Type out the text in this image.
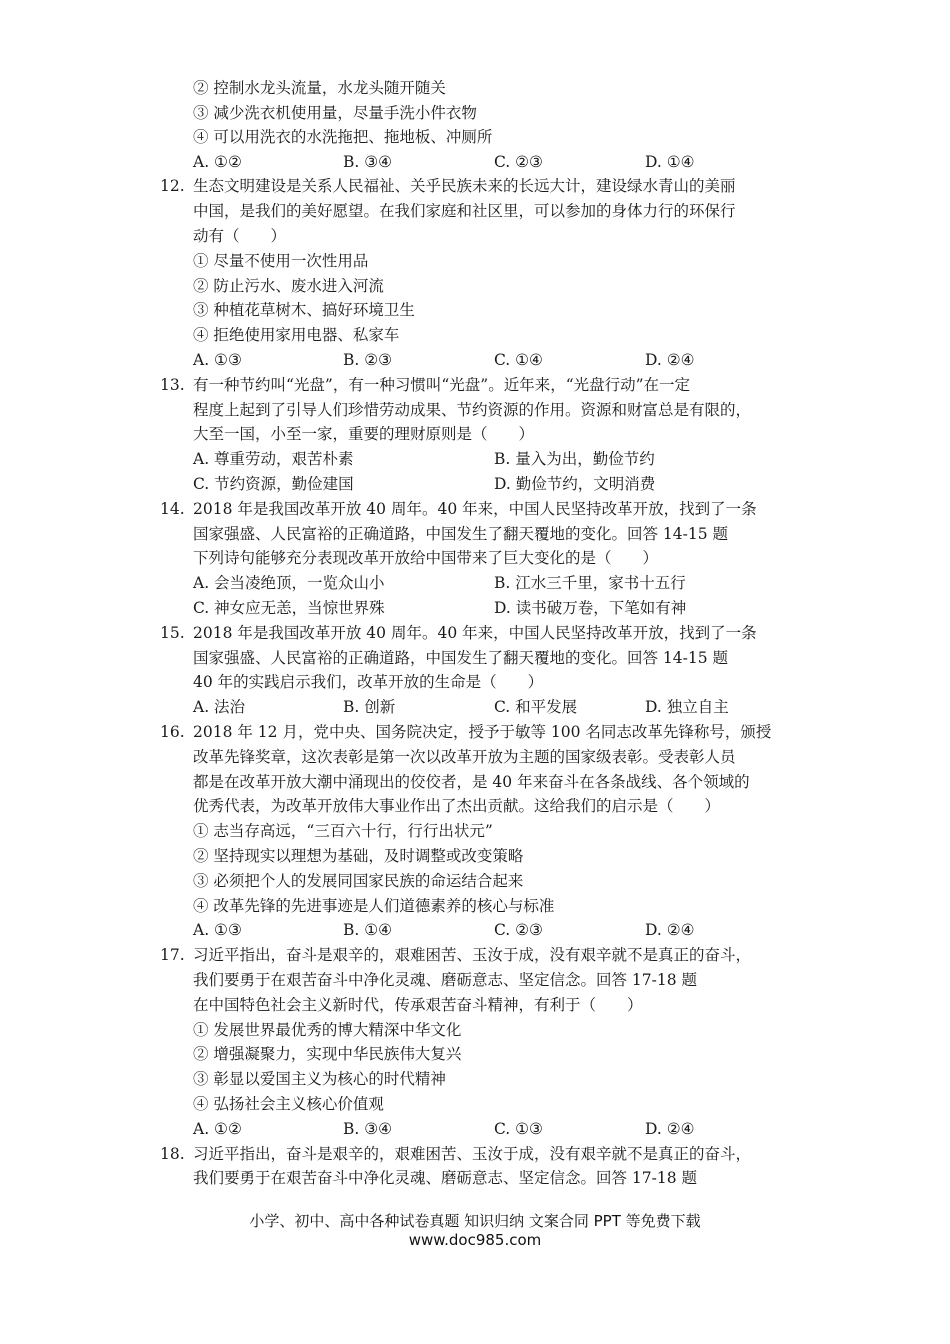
② 控制水龙头流量，水龙头随开随关
③ 减少洗衣机使用量，尽量手洗小件衣物
④ 可以用洗衣的水洗拖把、拖地板、冲厕所
A. ①②	B. ③④	C. ②③	D. ①④
12. 生态文明建设是关系人民福祉、关乎民族未来的长远大计，建设绿水青山的美丽
中国，是我们的美好愿望。在我们家庭和社区里，可以参加的身体力行的环保行
动有（　　）
① 尽量不使用一次性用品
② 防止污水、废水进入河流
③ 种植花草树木、搞好环境卫生
④ 拒绝使用家用电器、私家车
A. ①③	B. ②③	C. ①④	D. ②④
13. 有一种节约叫“光盘”，有一种习惯叫“光盘”。近年来，“光盘行动”在一定
程度上起到了引导人们珍惜劳动成果、节约资源的作用。资源和财富总是有限的，
大至一国，小至一家，重要的理财原则是（　　）
A. 尊重劳动，艰苦朴素	B. 量入为出，勤俭节约
C. 节约资源，勤俭建国	D. 勤俭节约，文明消费
14. 2018 年是我国改革开放 40 周年。40 年来，中国人民坚持改革开放，找到了一条
国家强盛、人民富裕的正确道路，中国发生了翻天覆地的变化。回答 14-15 题
下列诗句能够充分表现改革开放给中国带来了巨大变化的是（　　）
A. 会当凌绝顶，一览众山小	B. 江水三千里，家书十五行
C. 神女应无恙，当惊世界殊	D. 读书破万卷，下笔如有神
15. 2018 年是我国改革开放 40 周年。40 年来，中国人民坚持改革开放，找到了一条
国家强盛、人民富裕的正确道路，中国发生了翻天覆地的变化。回答 14-15 题
40 年的实践启示我们，改革开放的生命是（　　）
A. 法治	B. 创新	C. 和平发展	D. 独立自主
16. 2018 年 12 月，党中央、国务院决定，授予于敏等 100 名同志改革先锋称号，颁授
改革先锋奖章，这次表彰是第一次以改革开放为主题的国家级表彰。受表彰人员
都是在改革开放大潮中涌现出的佼佼者，是 40 年来奋斗在各条战线、各个领域的
优秀代表，为改革开放伟大事业作出了杰出贡献。这给我们的启示是（　　）
① 志当存高远，“三百六十行，行行出状元”
② 坚持现实以理想为基础，及时调整或改变策略
③ 必须把个人的发展同国家民族的命运结合起来
④ 改革先锋的先进事迹是人们道德素养的核心与标准
A. ①③	B. ①④	C. ②③	D. ②④
17. 习近平指出，奋斗是艰辛的，艰难困苦、玉汝于成，没有艰辛就不是真正的奋斗，
我们要勇于在艰苦奋斗中净化灵魂、磨砺意志、坚定信念。回答 17-18 题
在中国特色社会主义新时代，传承艰苦奋斗精神，有利于（　　）
① 发展世界最优秀的博大精深中华文化
② 增强凝聚力，实现中华民族伟大复兴
③ 彰显以爱国主义为核心的时代精神
④ 弘扬社会主义核心价值观
A. ①②	B. ③④	C. ①③	D. ②④
18. 习近平指出，奋斗是艰辛的，艰难困苦、玉汝于成，没有艰辛就不是真正的奋斗，
我们要勇于在艰苦奋斗中净化灵魂、磨砺意志、坚定信念。回答 17-18 题
小学、初中、高中各种试卷真题 知识归纳 文案合同 PPT 等免费下载
www.doc985.com
